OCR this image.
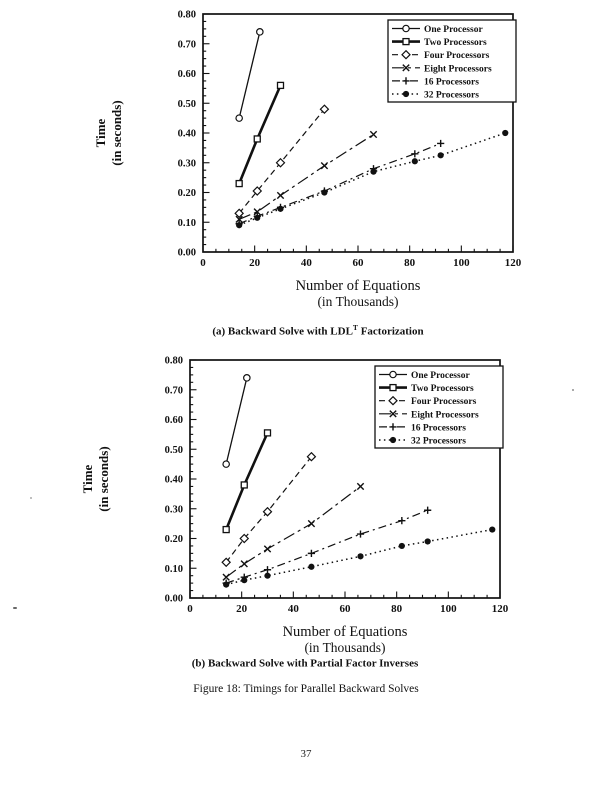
0	20	40	60	80	100	120
0.00
0.10
0.20
0.30
0.40
0.50
0.60
0.70
0.80
Number of Equations
(in Thousands)
Time (in seconds)
One Processor
Two Processors
Four Processors
Eight Processors
16 Processors
32 Processors
(a) Backward Solve with $LDL^T$ Factorization
0	20	40	60	80	100	120
0.00
0.10
0.20
0.30
0.40
0.50
0.60
0.70
0.80
Number of Equations
(in Thousands)
Time (in seconds)
One Processor
Two Processors
Four Processors
Eight Processors
16 Processors
32 Processors
(b) Backward Solve with Partial Factor Inverses
Figure 18: Timings for Parallel Backward Solves
37
